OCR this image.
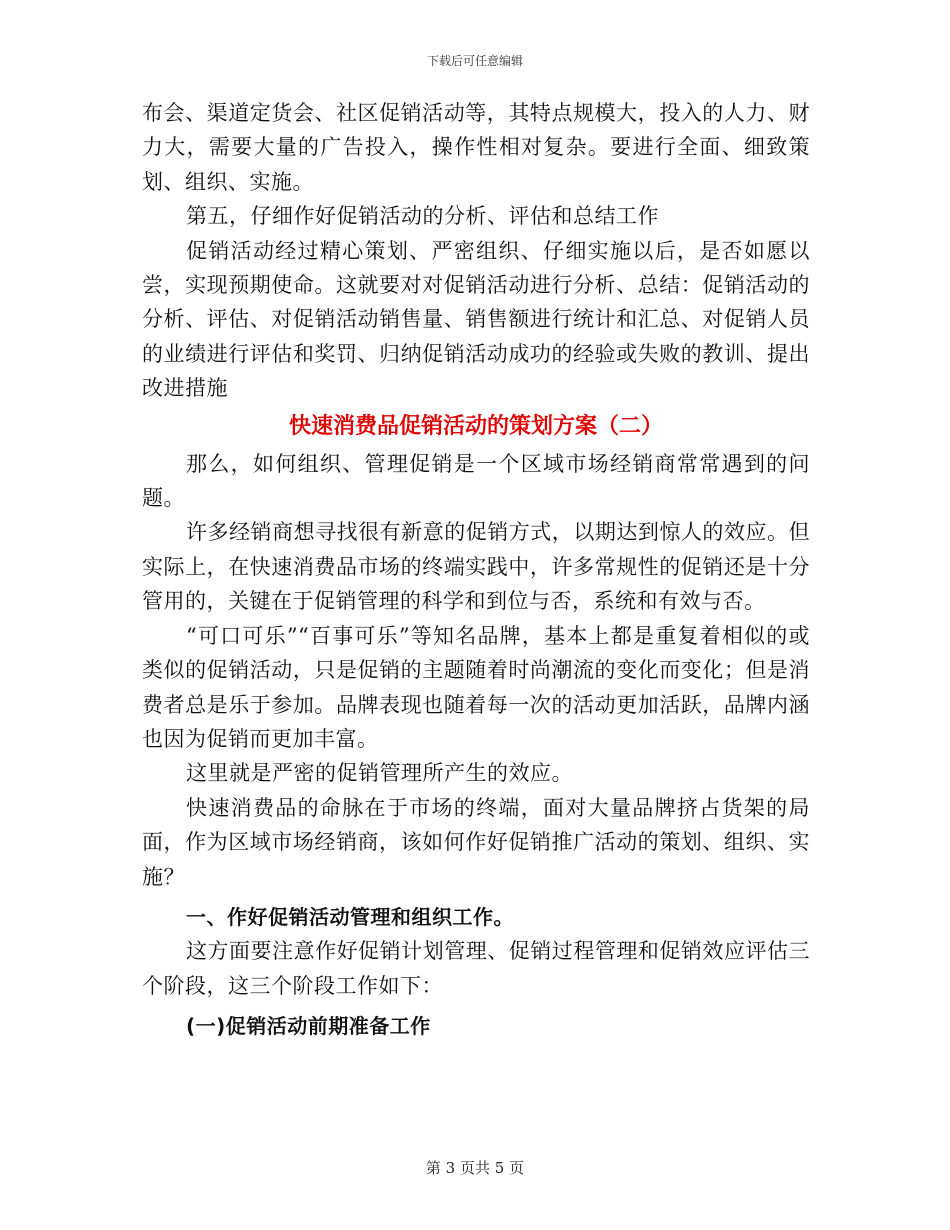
下载后可任意编辑

布会、渠道定货会、社区促销活动等，其特点规模大，投入的人力、财力大，需要大量的广告投入，操作性相对复杂。要进行全面、细致策划、组织、实施。

第五，仔细作好促销活动的分析、评估和总结工作

促销活动经过精心策划、严密组织、仔细实施以后，是否如愿以尝，实现预期使命。这就要对对促销活动进行分析、总结：促销活动的分析、评估、对促销活动销售量、销售额进行统计和汇总、对促销人员的业绩进行评估和奖罚、归纳促销活动成功的经验或失败的教训、提出改进措施

快速消费品促销活动的策划方案（二）

那么，如何组织、管理促销是一个区域市场经销商常常遇到的问题。

许多经销商想寻找很有新意的促销方式，以期达到惊人的效应。但实际上，在快速消费品市场的终端实践中，许多常规性的促销还是十分管用的，关键在于促销管理的科学和到位与否，系统和有效与否。

“可口可乐”“百事可乐”等知名品牌，基本上都是重复着相似的或类似的促销活动，只是促销的主题随着时尚潮流的变化而变化；但是消费者总是乐于参加。品牌表现也随着每一次的活动更加活跃，品牌内涵也因为促销而更加丰富。

这里就是严密的促销管理所产生的效应。

快速消费品的命脉在于市场的终端，面对大量品牌挤占货架的局面，作为区域市场经销商，该如何作好促销推广活动的策划、组织、实施？

一、作好促销活动管理和组织工作。

这方面要注意作好促销计划管理、促销过程管理和促销效应评估三个阶段，这三个阶段工作如下：

(一)促销活动前期准备工作

第 3 页共 5 页
